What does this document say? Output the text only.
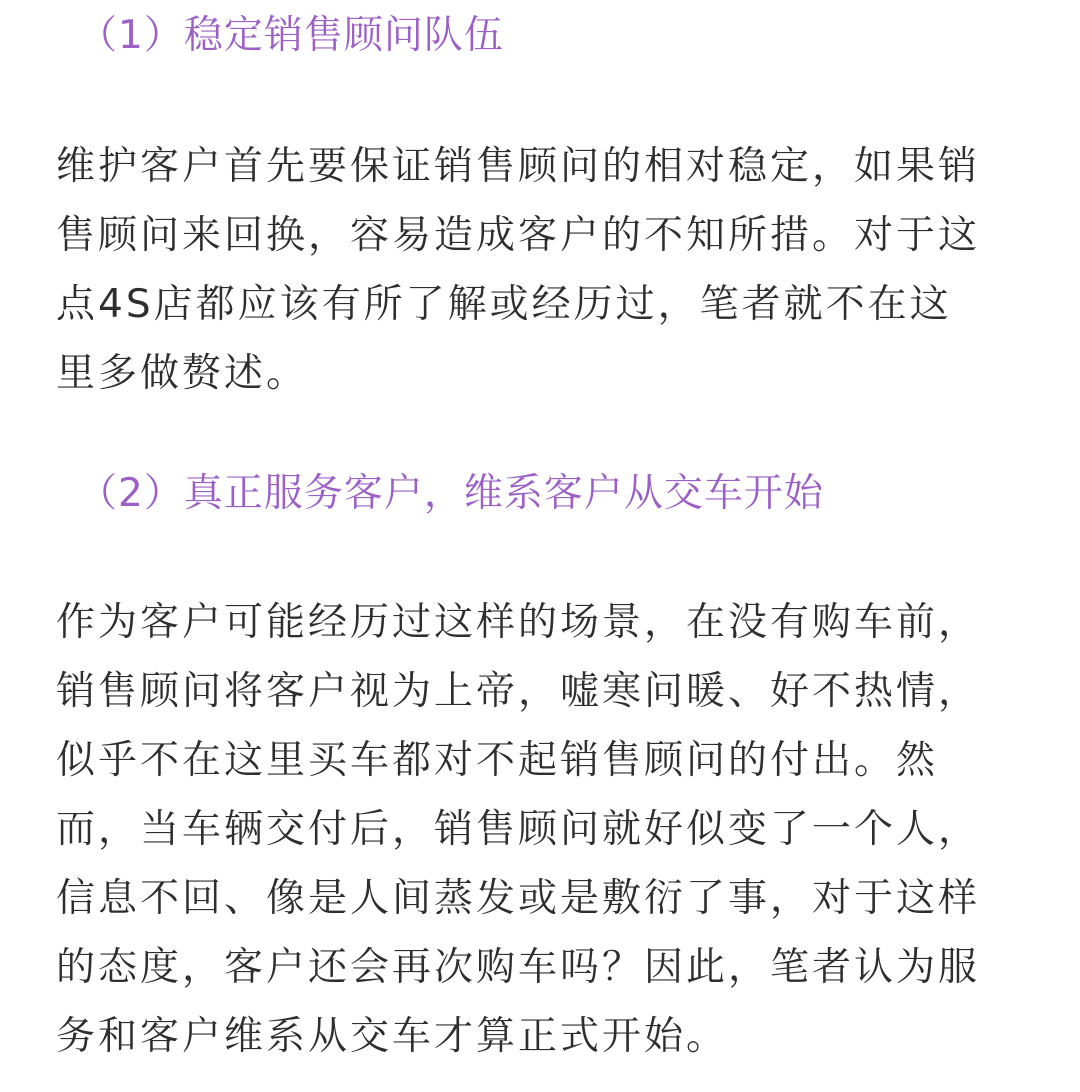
（1）稳定销售顾问队伍
维护客户首先要保证销售顾问的相对稳定，如果销
售顾问来回换，容易造成客户的不知所措。对于这
点4S店都应该有所了解或经历过，笔者就不在这
里多做赘述。
（2）真正服务客户，维系客户从交车开始
作为客户可能经历过这样的场景，在没有购车前，
销售顾问将客户视为上帝，嘘寒问暖、好不热情，
似乎不在这里买车都对不起销售顾问的付出。然
而，当车辆交付后，销售顾问就好似变了一个人，
信息不回、像是人间蒸发或是敷衍了事，对于这样
的态度，客户还会再次购车吗？因此，笔者认为服
务和客户维系从交车才算正式开始。
